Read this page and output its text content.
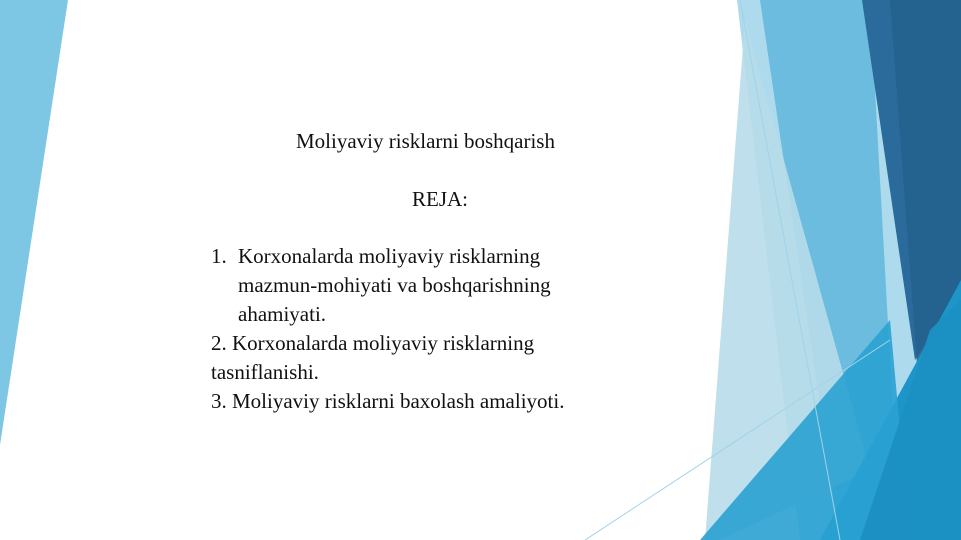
Moliyaviy risklarni boshqarish
REJA:
1. Korxonalarda moliyaviy risklarning mazmun-mohiyati va boshqarishning ahamiyati.
2. Korxonalarda moliyaviy risklarning
tasniflanishi.
3. Moliyaviy risklarni baxolash amaliyoti.
